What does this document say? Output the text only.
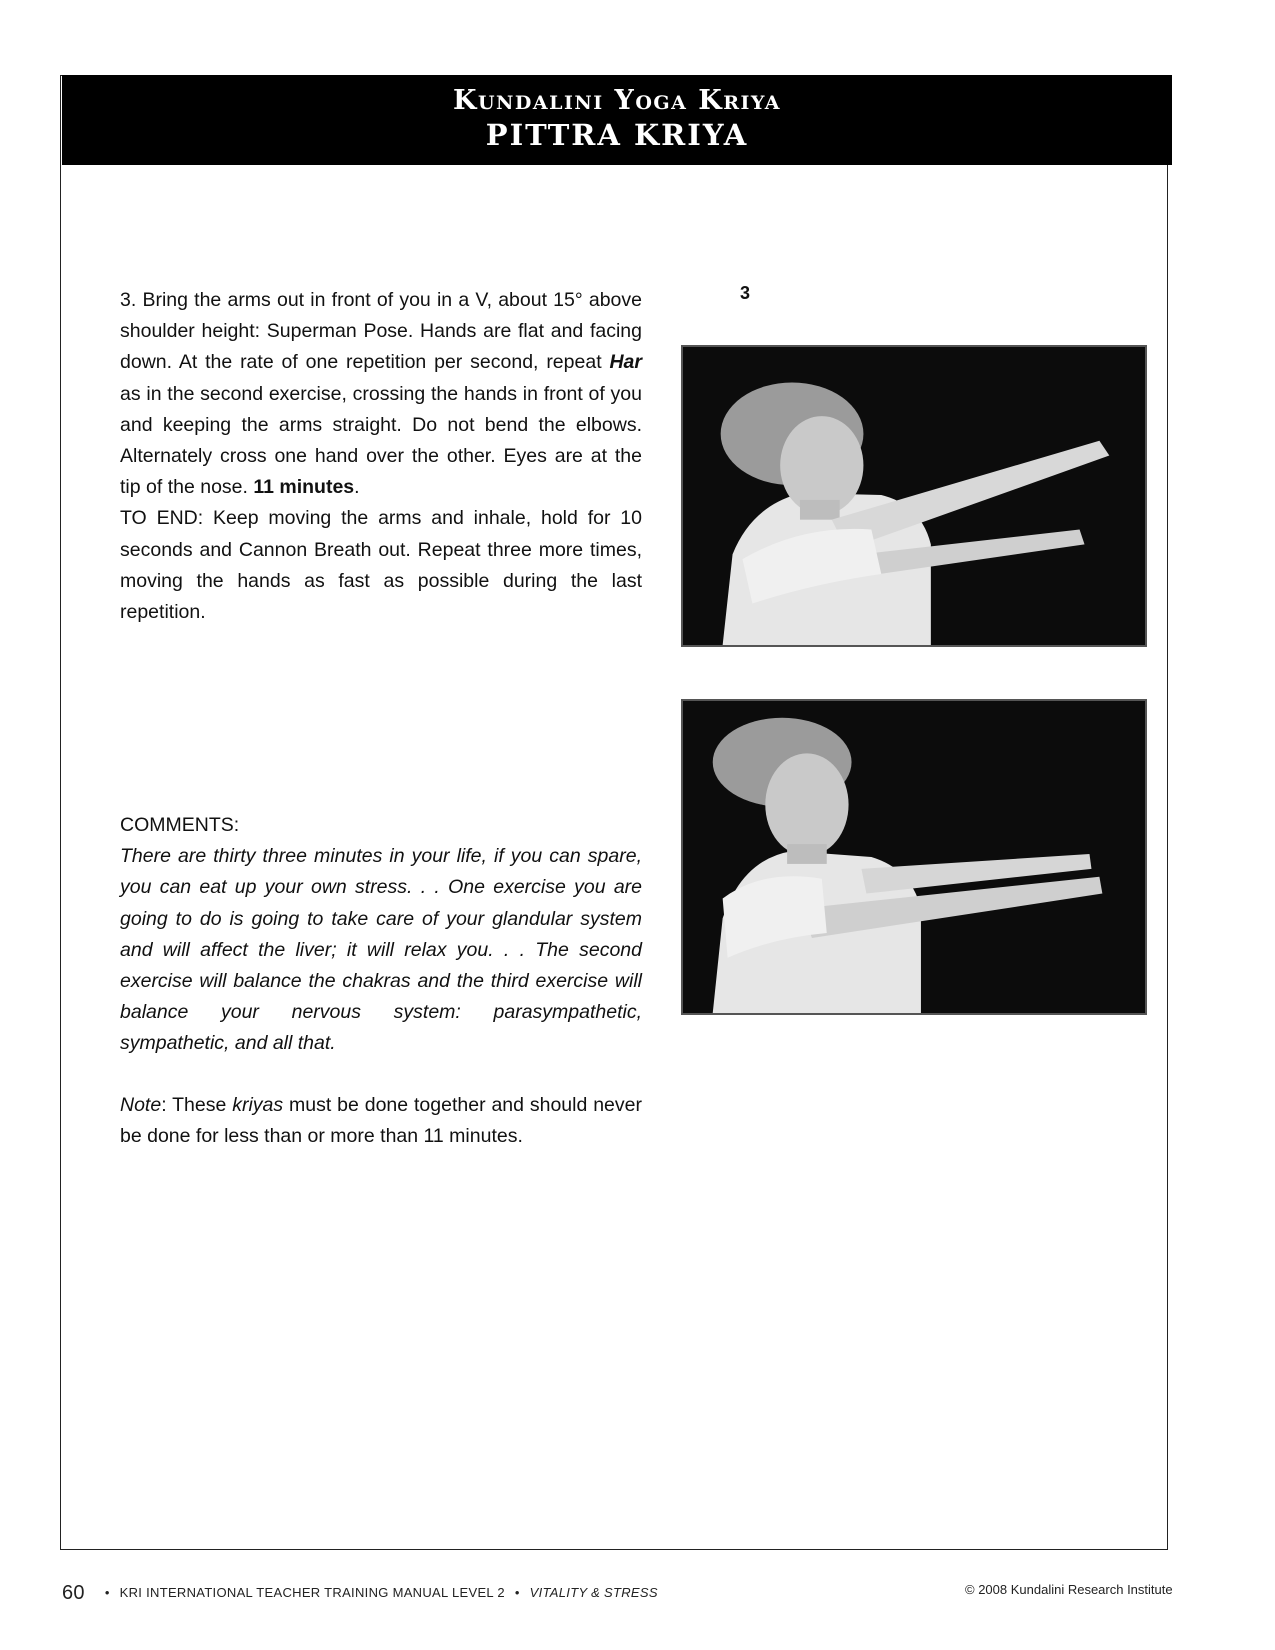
Kundalini Yoga Kriya
PITTRA KRIYA

3. Bring the arms out in front of you in a V, about 15° above shoulder height: Superman Pose. Hands are flat and facing down. At the rate of one repetition per second, repeat Har as in the second exercise, crossing the hands in front of you and keeping the arms straight. Do not bend the elbows. Alternately cross one hand over the other. Eyes are at the tip of the nose. 11 minutes.

TO END: Keep moving the arms and inhale, hold for 10 seconds and Cannon Breath out. Repeat three more times, moving the hands as fast as possible during the last repetition.

COMMENTS:

There are thirty three minutes in your life, if you can spare, you can eat up your own stress. . . One exercise you are going to do is going to take care of your glandular system and will affect the liver; it will relax you. . . The second exercise will balance the chakras and the third exercise will balance your nervous system: parasympathetic, sympathetic, and all that.

Note: These kriyas must be done together and should never be done for less than or more than 11 minutes.

3
60 • KRI INTERNATIONAL TEACHER TRAINING MANUAL LEVEL 2 • VITALITY & STRESS	© 2008 Kundalini Research Institute
